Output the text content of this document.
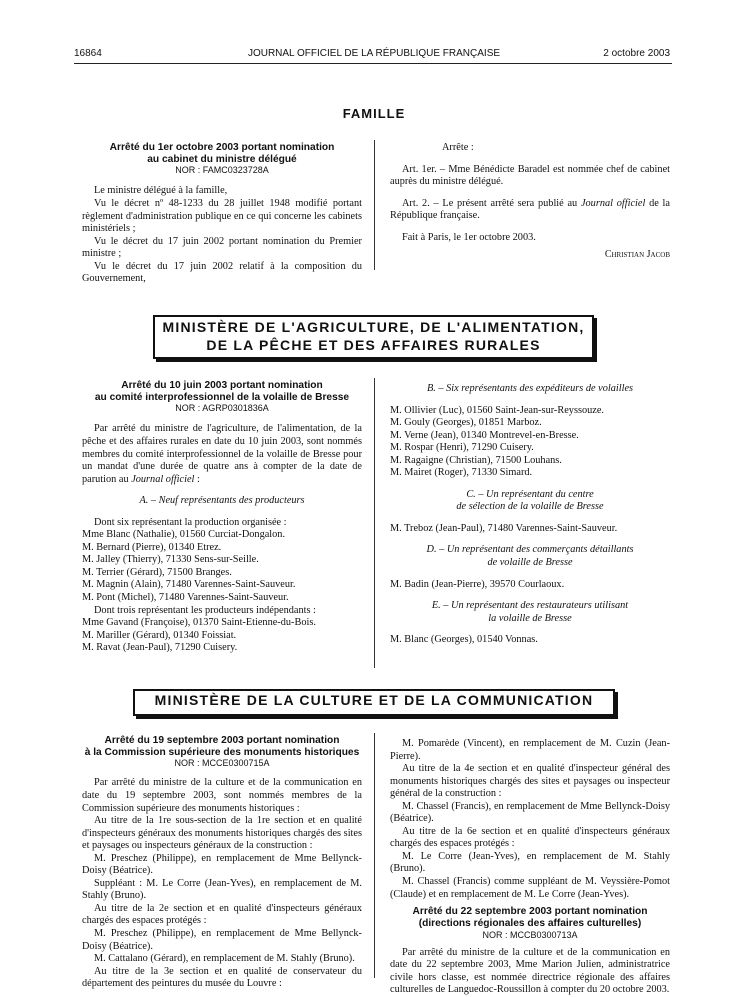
16864	JOURNAL OFFICIEL DE LA RÉPUBLIQUE FRANÇAISE	2 octobre 2003
FAMILLE
Arrêté du 1er octobre 2003 portant nomination
au cabinet du ministre délégué
NOR : FAMC0323728A

Le ministre délégué à la famille,

Vu le décret nº 48-1233 du 28 juillet 1948 modifié portant règlement d'administration publique en ce qui concerne les cabinets ministériels ;

Vu le décret du 17 juin 2002 portant nomination du Premier ministre ;

Vu le décret du 17 juin 2002 relatif à la composition du Gouvernement,

Arrête :

Art. 1er. – Mme Bénédicte Baradel est nommée chef de cabinet auprès du ministre délégué.

Art. 2. – Le présent arrêté sera publié au Journal officiel de la République française.

Fait à Paris, le 1er octobre 2003.

Christian Jacob

MINISTÈRE DE L'AGRICULTURE, DE L'ALIMENTATION,
DE LA PÊCHE ET DES AFFAIRES RURALES
Arrêté du 10 juin 2003 portant nomination
au comité interprofessionnel de la volaille de Bresse
NOR : AGRP0301836A

Par arrêté du ministre de l'agriculture, de l'alimentation, de la pêche et des affaires rurales en date du 10 juin 2003, sont nommés membres du comité interprofessionnel de la volaille de Bresse pour un mandat d'une durée de quatre ans à compter de la date de parution au Journal officiel :

A. – Neuf représentants des producteurs

Dont six représentant la production organisée :

Mme Blanc (Nathalie), 01560 Curciat-Dongalon.

M. Bernard (Pierre), 01340 Etrez.

M. Jalley (Thierry), 71330 Sens-sur-Seille.

M. Terrier (Gérard), 71500 Branges.

M. Magnin (Alain), 71480 Varennes-Saint-Sauveur.

M. Pont (Michel), 71480 Varennes-Saint-Sauveur.

Dont trois représentant les producteurs indépendants :

Mme Gavand (Françoise), 01370 Saint-Etienne-du-Bois.

M. Mariller (Gérard), 01340 Foissiat.

M. Ravat (Jean-Paul), 71290 Cuisery.

B. – Six représentants des expéditeurs de volailles

M. Ollivier (Luc), 01560 Saint-Jean-sur-Reyssouze.

M. Gouly (Georges), 01851 Marboz.

M. Verne (Jean), 01340 Montrevel-en-Bresse.

M. Rospar (Henri), 71290 Cuisery.

M. Ragaigne (Christian), 71500 Louhans.

M. Mairet (Roger), 71330 Simard.

C. – Un représentant du centre

de sélection de la volaille de Bresse

M. Treboz (Jean-Paul), 71480 Varennes-Saint-Sauveur.

D. – Un représentant des commerçants détaillants

de volaille de Bresse

M. Badin (Jean-Pierre), 39570 Courlaoux.

E. – Un représentant des restaurateurs utilisant

la volaille de Bresse

M. Blanc (Georges), 01540 Vonnas.

MINISTÈRE DE LA CULTURE ET DE LA COMMUNICATION
Arrêté du 19 septembre 2003 portant nomination
à la Commission supérieure des monuments historiques
NOR : MCCE0300715A

Par arrêté du ministre de la culture et de la communication en date du 19 septembre 2003, sont nommés membres de la Commission supérieure des monuments historiques :

Au titre de la 1re sous-section de la 1re section et en qualité d'inspecteurs généraux des monuments historiques chargés des sites et paysages ou inspecteurs généraux de la construction :

M. Preschez (Philippe), en remplacement de Mme Bellynck-Doisy (Béatrice).

Suppléant : M. Le Corre (Jean-Yves), en remplacement de M. Stahly (Bruno).

Au titre de la 2e section et en qualité d'inspecteurs généraux chargés des espaces protégés :

M. Preschez (Philippe), en remplacement de Mme Bellynck-Doisy (Béatrice).

M. Cattalano (Gérard), en remplacement de M. Stahly (Bruno).

Au titre de la 3e section et en qualité de conservateur du département des peintures du musée du Louvre :

M. Pomarède (Vincent), en remplacement de M. Cuzin (Jean-Pierre).

Au titre de la 4e section et en qualité d'inspecteur général des monuments historiques chargés des sites et paysages ou inspecteur général de la construction :

M. Chassel (Francis), en remplacement de Mme Bellynck-Doisy (Béatrice).

Au titre de la 6e section et en qualité d'inspecteurs généraux chargés des espaces protégés :

M. Le Corre (Jean-Yves), en remplacement de M. Stahly (Bruno).

M. Chassel (Francis) comme suppléant de M. Veyssière-Pomot (Claude) et en remplacement de M. Le Corre (Jean-Yves).

Arrêté du 22 septembre 2003 portant nomination
(directions régionales des affaires culturelles)
NOR : MCCB0300713A

Par arrêté du ministre de la culture et de la communication en date du 22 septembre 2003, Mme Marion Julien, administratrice civile hors classe, est nommée directrice régionale des affaires culturelles de Languedoc-Roussillon à compter du 20 octobre 2003.
